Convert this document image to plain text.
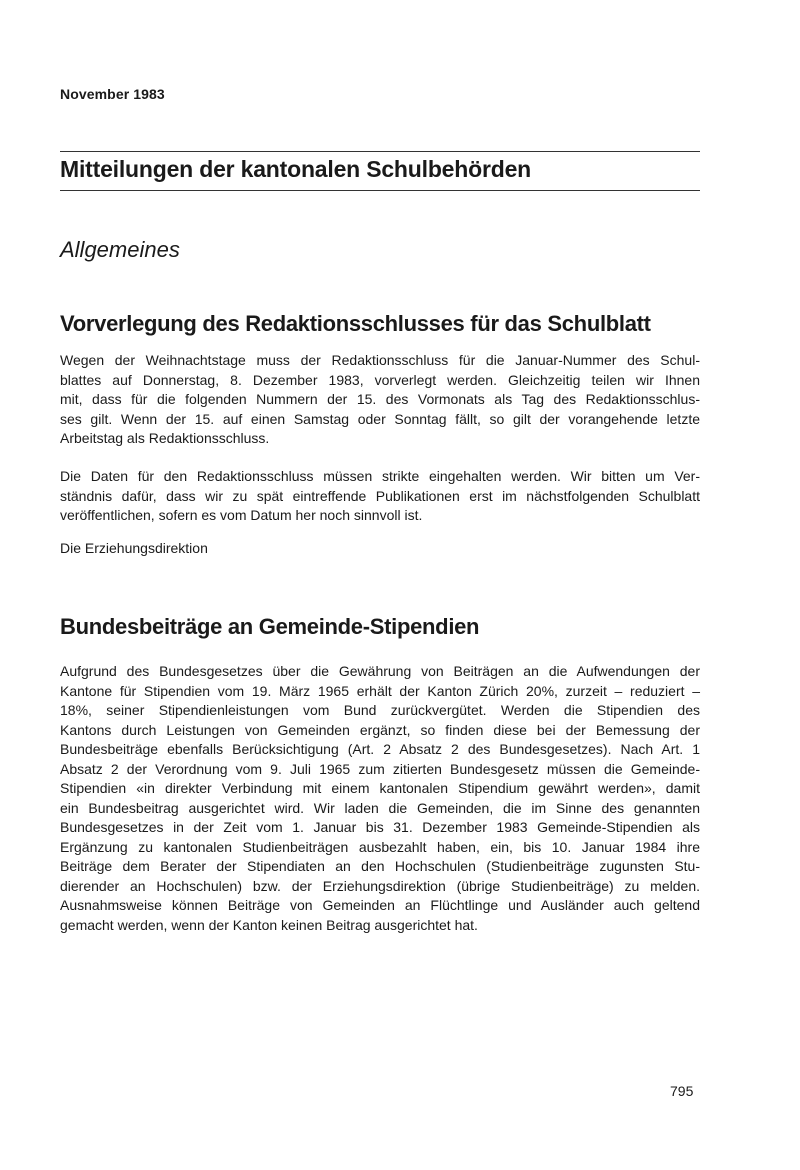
November 1983
Mitteilungen der kantonalen Schulbehörden
Allgemeines
Vorverlegung des Redaktionsschlusses für das Schulblatt
Wegen der Weihnachtstage muss der Redaktionsschluss für die Januar-Nummer des Schul-
blattes auf Donnerstag, 8. Dezember 1983, vorverlegt werden. Gleichzeitig teilen wir Ihnen
mit, dass für die folgenden Nummern der 15. des Vormonats als Tag des Redaktionsschlus-
ses gilt. Wenn der 15. auf einen Samstag oder Sonntag fällt, so gilt der vorangehende letzte
Arbeitstag als Redaktionsschluss.
Die Daten für den Redaktionsschluss müssen strikte eingehalten werden. Wir bitten um Ver-
ständnis dafür, dass wir zu spät eintreffende Publikationen erst im nächstfolgenden Schulblatt
veröffentlichen, sofern es vom Datum her noch sinnvoll ist.
Die Erziehungsdirektion
Bundesbeiträge an Gemeinde-Stipendien
Aufgrund des Bundesgesetzes über die Gewährung von Beiträgen an die Aufwendungen der
Kantone für Stipendien vom 19. März 1965 erhält der Kanton Zürich 20%, zurzeit – reduziert –
18%, seiner Stipendienleistungen vom Bund zurückvergütet. Werden die Stipendien des
Kantons durch Leistungen von Gemeinden ergänzt, so finden diese bei der Bemessung der
Bundesbeiträge ebenfalls Berücksichtigung (Art. 2 Absatz 2 des Bundesgesetzes). Nach Art. 1
Absatz 2 der Verordnung vom 9. Juli 1965 zum zitierten Bundesgesetz müssen die Gemeinde-
Stipendien «in direkter Verbindung mit einem kantonalen Stipendium gewährt werden», damit
ein Bundesbeitrag ausgerichtet wird. Wir laden die Gemeinden, die im Sinne des genannten
Bundesgesetzes in der Zeit vom 1. Januar bis 31. Dezember 1983 Gemeinde-Stipendien als
Ergänzung zu kantonalen Studienbeiträgen ausbezahlt haben, ein, bis 10. Januar 1984 ihre
Beiträge dem Berater der Stipendiaten an den Hochschulen (Studienbeiträge zugunsten Stu-
dierender an Hochschulen) bzw. der Erziehungsdirektion (übrige Studienbeiträge) zu melden.
Ausnahmsweise können Beiträge von Gemeinden an Flüchtlinge und Ausländer auch geltend
gemacht werden, wenn der Kanton keinen Beitrag ausgerichtet hat.
795
